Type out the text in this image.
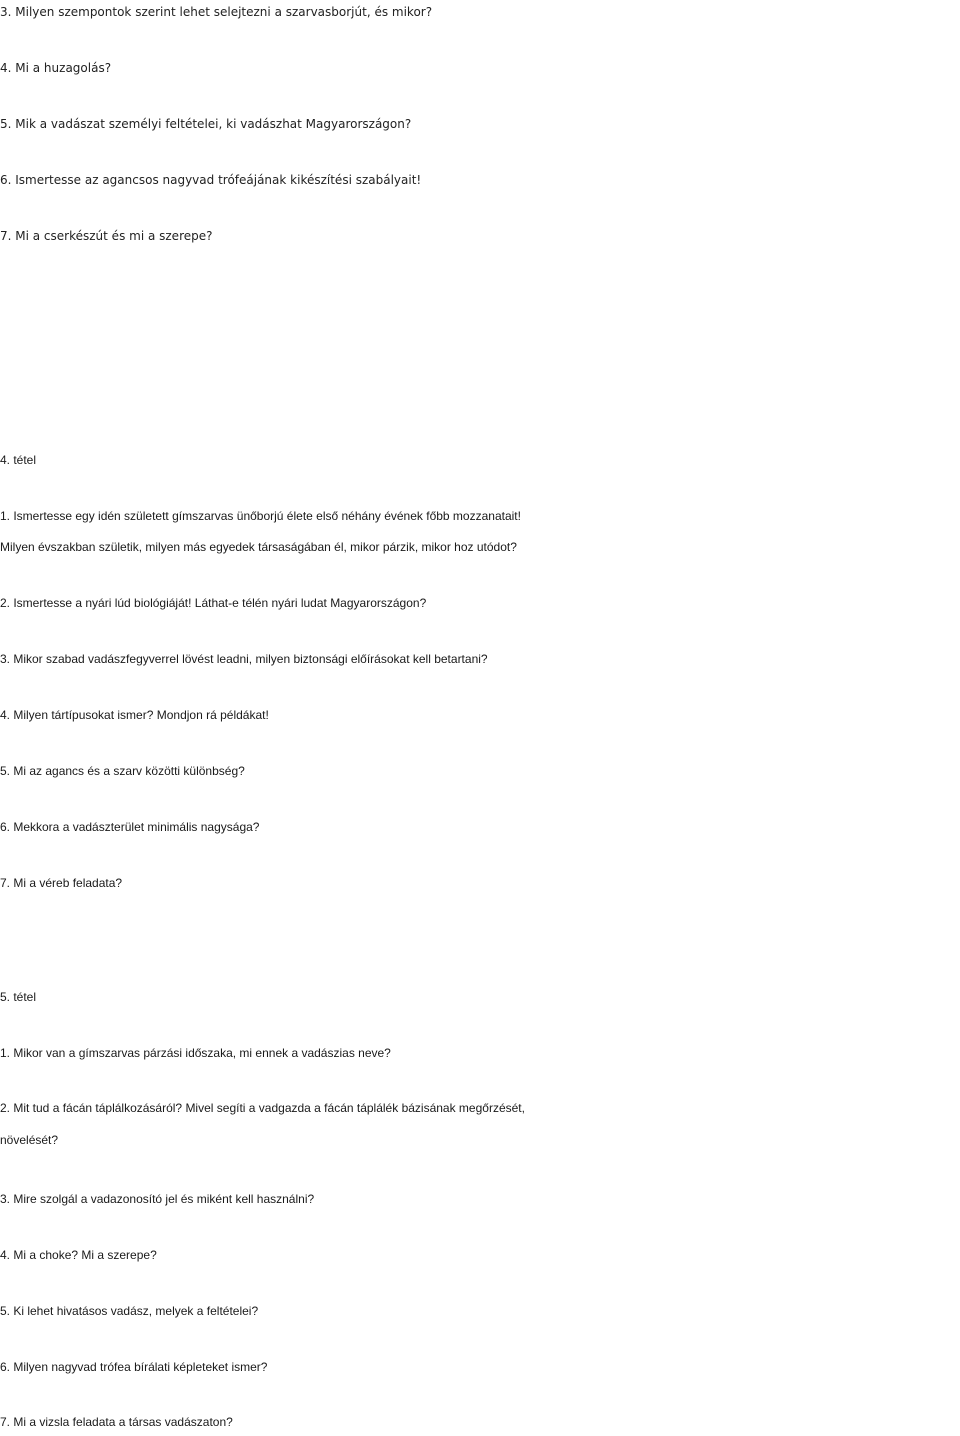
3. Milyen szempontok szerint lehet selejtezni a szarvasborjút, és mikor?
4. Mi a huzagolás?
5. Mik a vadászat személyi feltételei, ki vadászhat Magyarországon?
6. Ismertesse az agancsos nagyvad trófeájának kikészítési szabályait!
7. Mi a cserkészút és mi a szerepe?
4. tétel
1. Ismertesse egy idén született gímszarvas ünőborjú élete első néhány évének főbb mozzanatait!
Milyen évszakban születik, milyen más egyedek társaságában él, mikor párzik, mikor hoz utódot?
2. Ismertesse a nyári lúd biológiáját! Láthat-e télén nyári ludat Magyarországon?
3. Mikor szabad vadászfegyverrel lövést leadni, milyen biztonsági előírásokat kell betartani?
4. Milyen tártípusokat ismer? Mondjon rá példákat!
5. Mi az agancs és a szarv közötti különbség?
6. Mekkora a vadászterület minimális nagysága?
7. Mi a véreb feladata?
5. tétel
1. Mikor van a gímszarvas párzási időszaka, mi ennek a vadászias neve?
2. Mit tud a fácán táplálkozásáról? Mivel segíti a vadgazda a fácán táplálék bázisának megőrzését,
növelését?
3. Mire szolgál a vadazonosító jel és miként kell használni?
4. Mi a choke? Mi a szerepe?
5. Ki lehet hivatásos vadász, melyek a feltételei?
6. Milyen nagyvad trófea bírálati képleteket ismer?
7. Mi a vizsla feladata a társas vadászaton?
